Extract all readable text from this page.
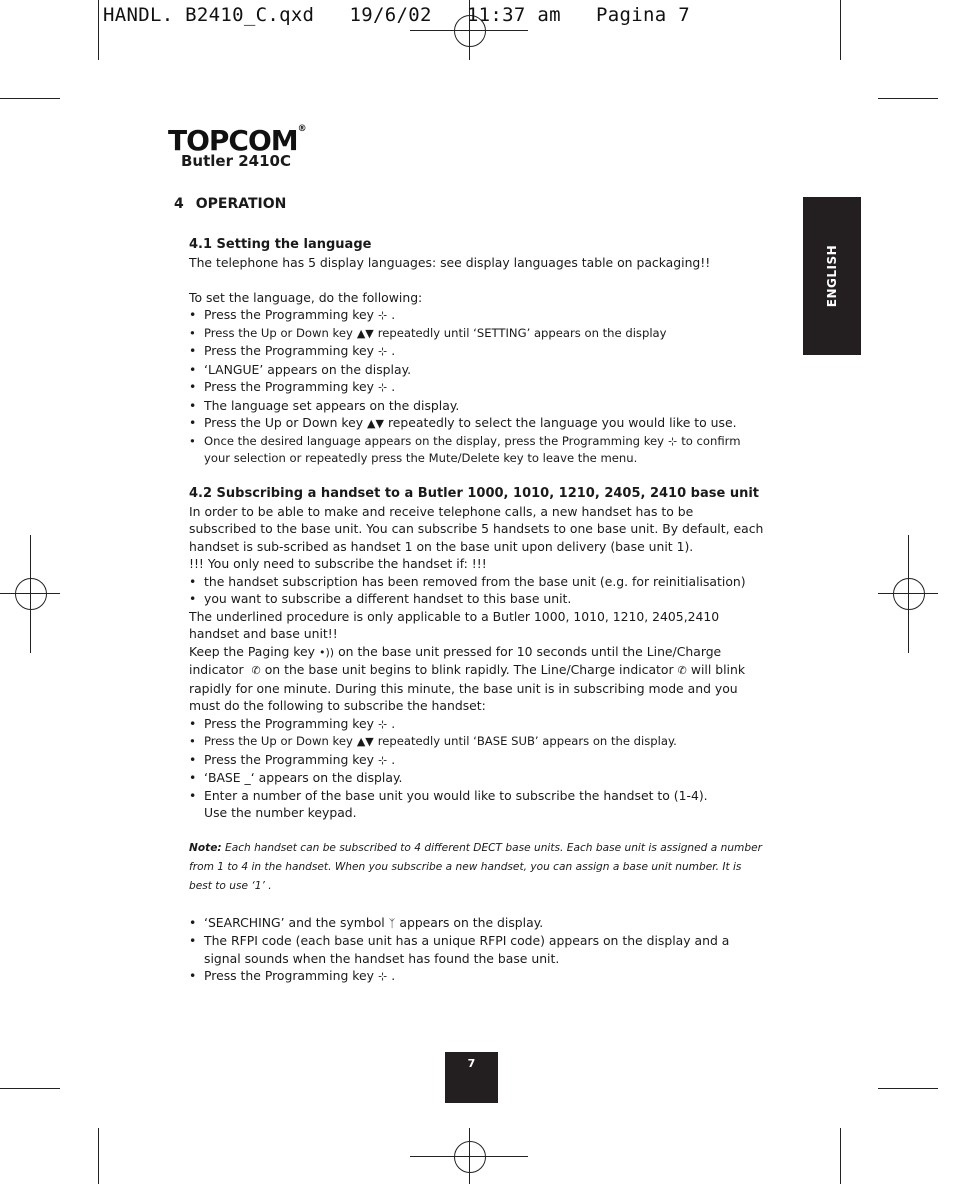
HANDL. B2410_C.qxd   19/6/02   11:37 am   Pagina 7
TOPCOM®
Butler 2410C
4 OPERATION
ENGLISH

4.1 Setting the language

The telephone has 5 display languages: see display languages table on packaging!!

To set the language, do the following:

• Press the Programming key ⊹ .

• Press the Up or Down key ▲▼ repeatedly until ‘SETTING’ appears on the display

• Press the Programming key ⊹ .

• ‘LANGUE’ appears on the display.

• Press the Programming key ⊹ .

• The language set appears on the display.

• Press the Up or Down key ▲▼ repeatedly to select the language you would like to use.

• Once the desired language appears on the display, press the Programming key ⊹ to confirm your selection or repeatedly press the Mute/Delete key to leave the menu.

4.2 Subscribing a handset to a Butler 1000, 1010, 1210, 2405, 2410 base unit

In order to be able to make and receive telephone calls, a new handset has to be subscribed to the base unit. You can subscribe 5 handsets to one base unit. By default, each handset is sub-scribed as handset 1 on the base unit upon delivery (base unit 1).

!!! You only need to subscribe the handset if: !!!

• the handset subscription has been removed from the base unit (e.g. for reinitialisation)

• you want to subscribe a different handset to this base unit.

The underlined procedure is only applicable to a Butler 1000, 1010, 1210, 2405,2410 handset and base unit!!

Keep the Paging key •)) on the base unit pressed for 10 seconds until the Line/Charge indicator ✆ on the base unit begins to blink rapidly. The Line/Charge indicator ✆ will blink rapidly for one minute. During this minute, the base unit is in subscribing mode and you must do the following to subscribe the handset:

• Press the Programming key ⊹ .

• Press the Up or Down key ▲▼ repeatedly until ‘BASE SUB’ appears on the display.

• Press the Programming key ⊹ .

• ‘BASE _‘ appears on the display.

• Enter a number of the base unit you would like to subscribe the handset to (1-4).
Use the number keypad.

Note: Each handset can be subscribed to 4 different DECT base units. Each base unit is assigned a number from 1 to 4 in the handset. When you subscribe a new handset, you can assign a base unit number. It is best to use ‘1’ .

• ‘SEARCHING’ and the symbol ᛉ appears on the display.

• The RFPI code (each base unit has a unique RFPI code) appears on the display and a signal sounds when the handset has found the base unit.

• Press the Programming key ⊹ .

7
